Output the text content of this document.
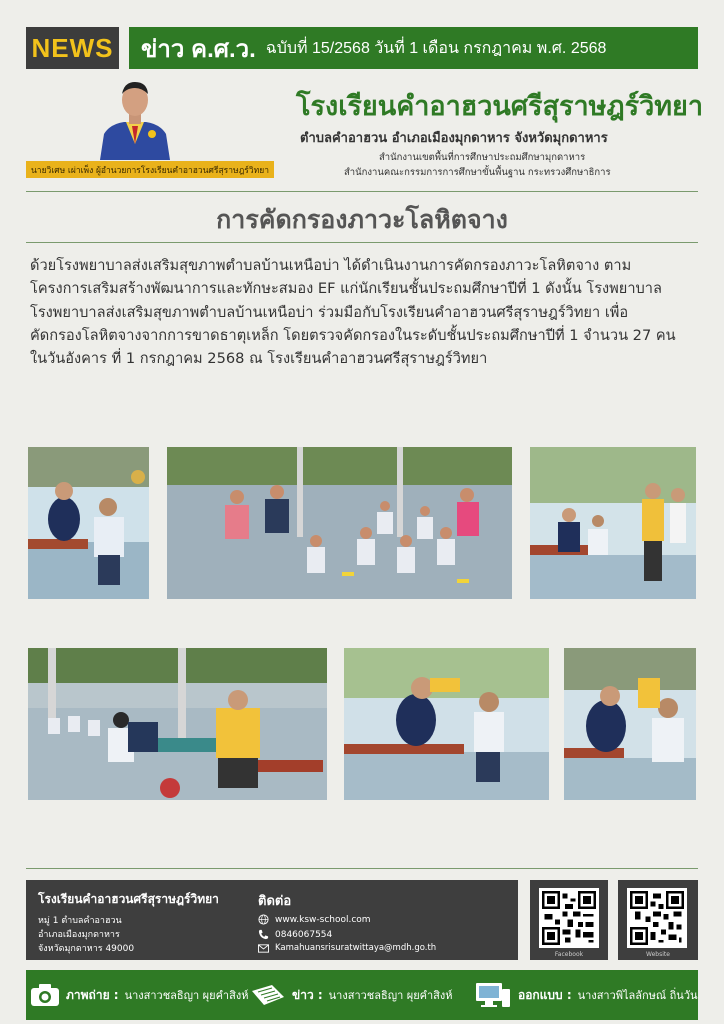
NEWS ข่าว ค.ศ.ว. ฉบับที่ 15/2568 วันที่ 1 เดือน กรกฎาคม พ.ศ. 2568
นายวิเศษ เผ่าเพ็ง ผู้อำนวยการโรงเรียนคำอาฮวนศรีสุราษฎร์วิทยา
โรงเรียนคำอาฮวนศรีสุราษฎร์วิทยา
ตำบลคำอาฮวน อำเภอเมืองมุกดาหาร จังหวัดมุกดาหาร
สำนักงานเขตพื้นที่การศึกษาประถมศึกษามุกดาหาร
สำนักงานคณะกรรมการการศึกษาขั้นพื้นฐาน กระทรวงศึกษาธิการ
การคัดกรองภาวะโลหิตจาง
ด้วยโรงพยาบาลส่งเสริมสุขภาพตำบลบ้านเหนือบ่า ได้ดำเนินงานการคัดกรองภาวะโลหิตจาง ตาม
โครงการเสริมสร้างพัฒนาการและทักษะสมอง EF แก่นักเรียนชั้นประถมศึกษาปีที่ 1 ดังนั้น โรงพยาบาล
โรงพยาบาลส่งเสริมสุขภาพตำบลบ้านเหนือบ่า ร่วมมือกับโรงเรียนคำอาฮวนศรีสุราษฎร์วิทยา เพื่อ
คัดกรองโลหิตจางจากการขาดธาตุเหล็ก โดยตรวจคัดกรองในระดับชั้นประถมศึกษาปีที่ 1 จำนวน 27 คน
ในวันอังคาร ที่ 1 กรกฎาคม 2568 ณ โรงเรียนคำอาฮวนศรีสุราษฎร์วิทยา
โรงเรียนคำอาฮวนศรีสุราษฎร์วิทยา
หมู่ 1 ตำบลคำอาฮวน
อำเภอเมืองมุกดาหาร
จังหวัดมุกดาหาร 49000
ติดต่อ
www.ksw-school.com
0846067554
Kamahuansrisuratwittaya@mdh.go.th
Facebook	Website
ภาพถ่าย : นางสาวชลธิญา ผุยคำสิงห์	ข่าว : นางสาวชลธิญา ผุยคำสิงห์	ออกแบบ : นางสาวพิไลลักษณ์ ถิ่นวัน
